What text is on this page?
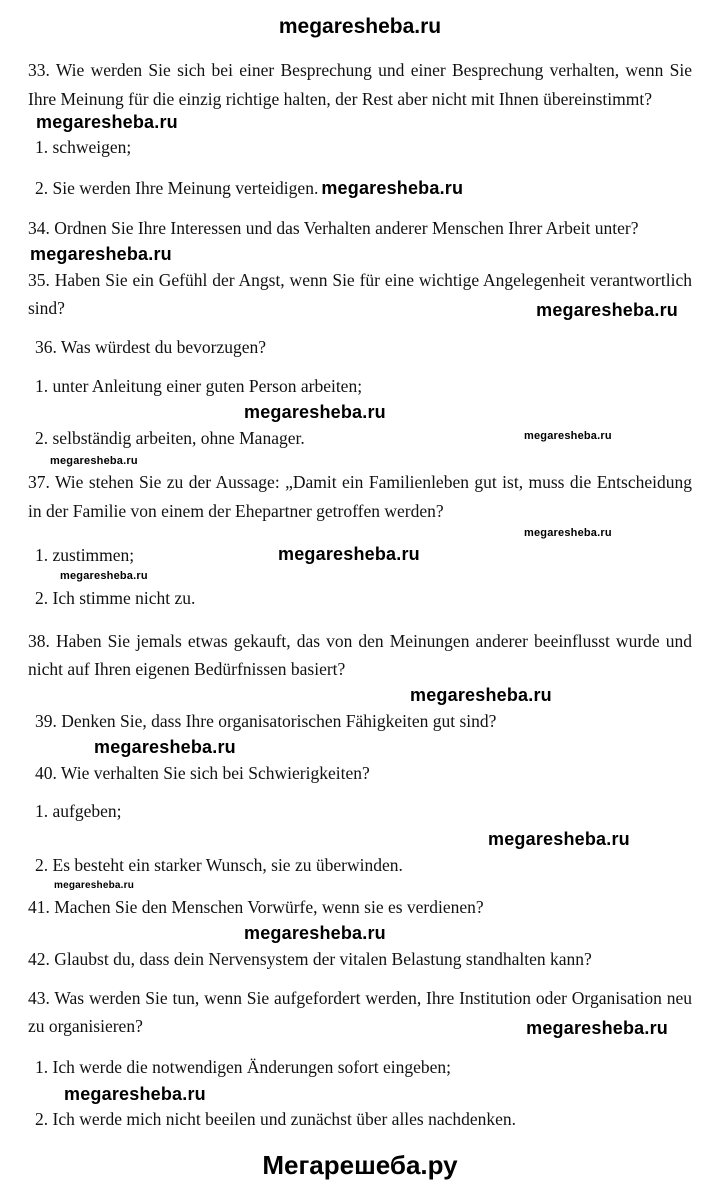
megaresheba.ru

33. Wie werden Sie sich bei einer Besprechung und einer Besprechung verhalten, wenn Sie Ihre Meinung für die einzig richtige halten, der Rest aber nicht mit Ihnen übereinstimmt?

megaresheba.ru

1. schweigen;

2. Sie werden Ihre Meinung verteidigen. megaresheba.ru

34. Ordnen Sie Ihre Interessen und das Verhalten anderer Menschen Ihrer Arbeit unter?

megaresheba.ru

35. Haben Sie ein Gefühl der Angst, wenn Sie für eine wichtige Angelegenheit verantwortlich sind?	megaresheba.ru

36. Was würdest du bevorzugen?

1. unter Anleitung einer guten Person arbeiten;

megaresheba.ru

2. selbständig arbeiten, ohne Manager.	megaresheba.ru

megaresheba.ru

37. Wie stehen Sie zu der Aussage: „Damit ein Familienleben gut ist, muss die Entscheidung in der Familie von einem der Ehepartner getroffen werden?

megaresheba.ru

1. zustimmen;	megaresheba.ru

megaresheba.ru

2. Ich stimme nicht zu.

38. Haben Sie jemals etwas gekauft, das von den Meinungen anderer beeinflusst wurde und nicht auf Ihren eigenen Bedürfnissen basiert?

megaresheba.ru

39. Denken Sie, dass Ihre organisatorischen Fähigkeiten gut sind?

megaresheba.ru

40. Wie verhalten Sie sich bei Schwierigkeiten?

1. aufgeben;

megaresheba.ru

2. Es besteht ein starker Wunsch, sie zu überwinden.

megaresheba.ru

41. Machen Sie den Menschen Vorwürfe, wenn sie es verdienen?

megaresheba.ru

42. Glaubst du, dass dein Nervensystem der vitalen Belastung standhalten kann?

43. Was werden Sie tun, wenn Sie aufgefordert werden, Ihre Institution oder Organisation neu zu organisieren?	megaresheba.ru

1. Ich werde die notwendigen Änderungen sofort eingeben;

megaresheba.ru

2. Ich werde mich nicht beeilen und zunächst über alles nachdenken.

Мегарешеба.ру
